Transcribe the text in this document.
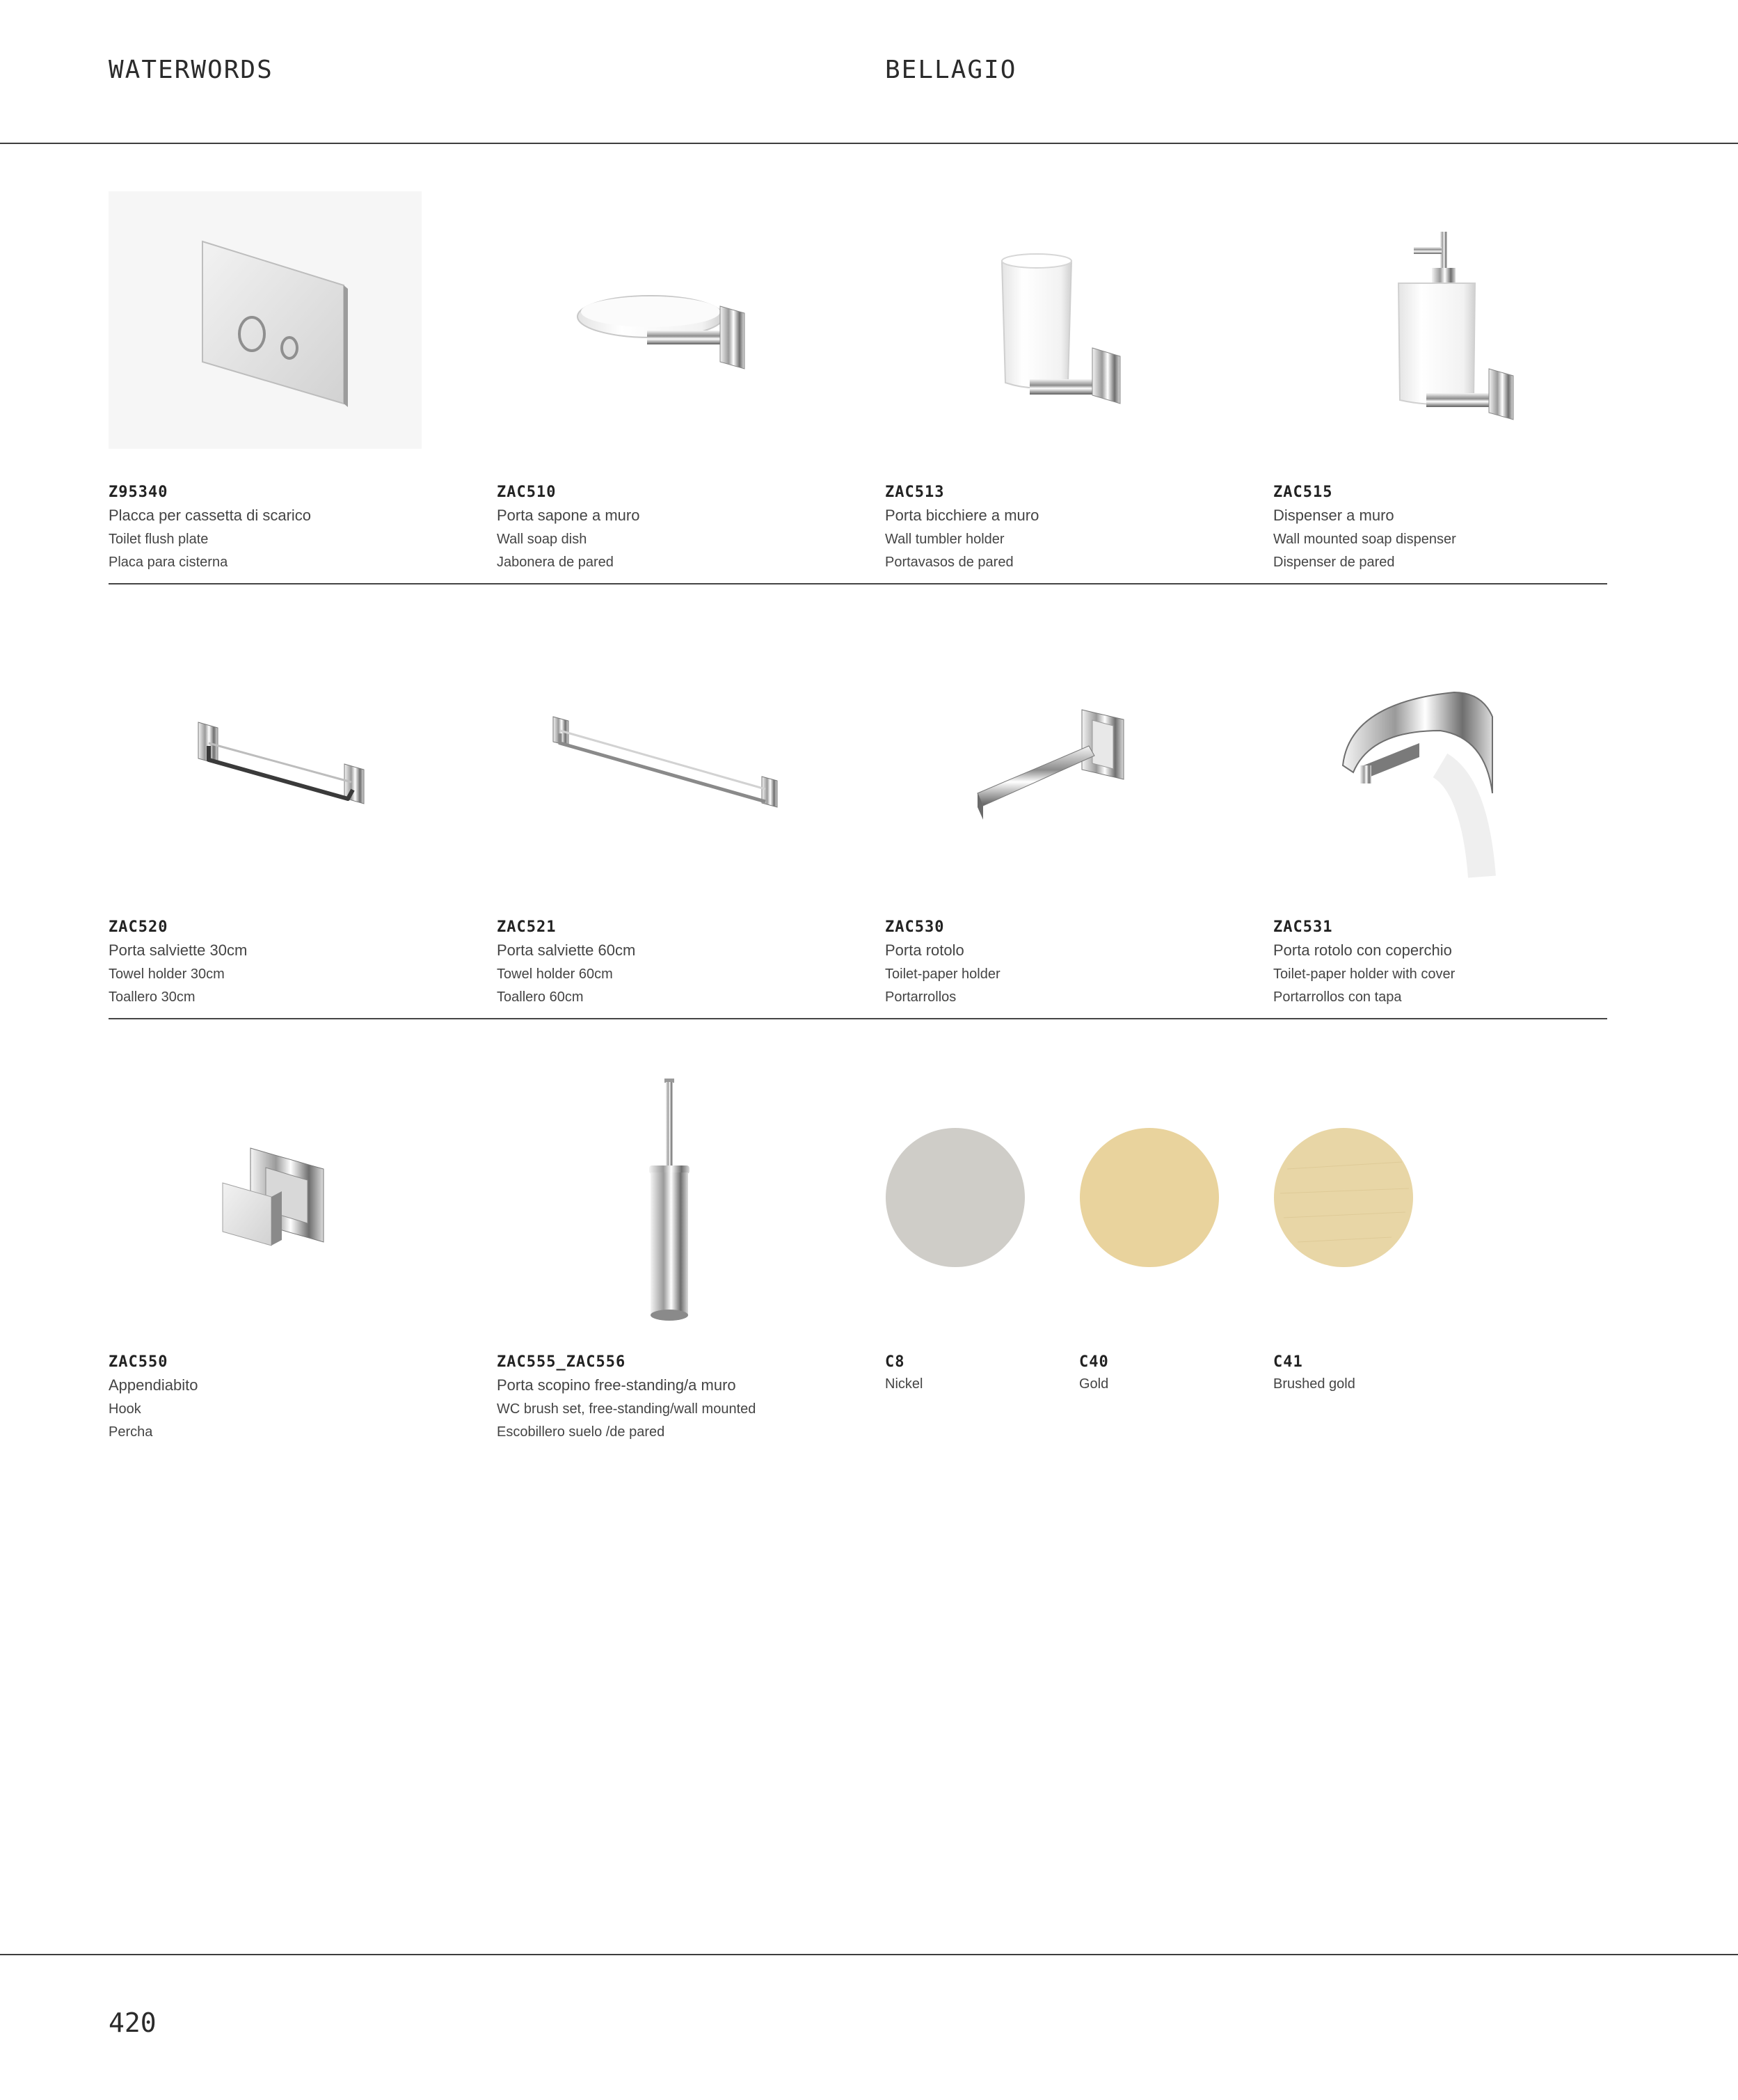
WATERWORDS	BELLAGIO
Z95340
Placca per cassetta di scarico
Toilet flush plate
Placa para cisterna
ZAC510
Porta sapone a muro
Wall soap dish
Jabonera de pared
ZAC513
Porta bicchiere a muro
Wall tumbler holder
Portavasos de pared
ZAC515
Dispenser a muro
Wall mounted soap dispenser
Dispenser de pared
ZAC520
Porta salviette 30cm
Towel holder 30cm
Toallero 30cm
ZAC521
Porta salviette 60cm
Towel holder 60cm
Toallero 60cm
ZAC530
Porta rotolo
Toilet-paper holder
Portarrollos
ZAC531
Porta rotolo con coperchio
Toilet-paper holder with cover
Portarrollos con tapa
ZAC550
Appendiabito
Hook
Percha
ZAC555_ZAC556
Porta scopino free-standing/a muro
WC brush set, free-standing/wall mounted
Escobillero suelo /de pared
C8
Nickel
C40
Gold
C41
Brushed gold
420
